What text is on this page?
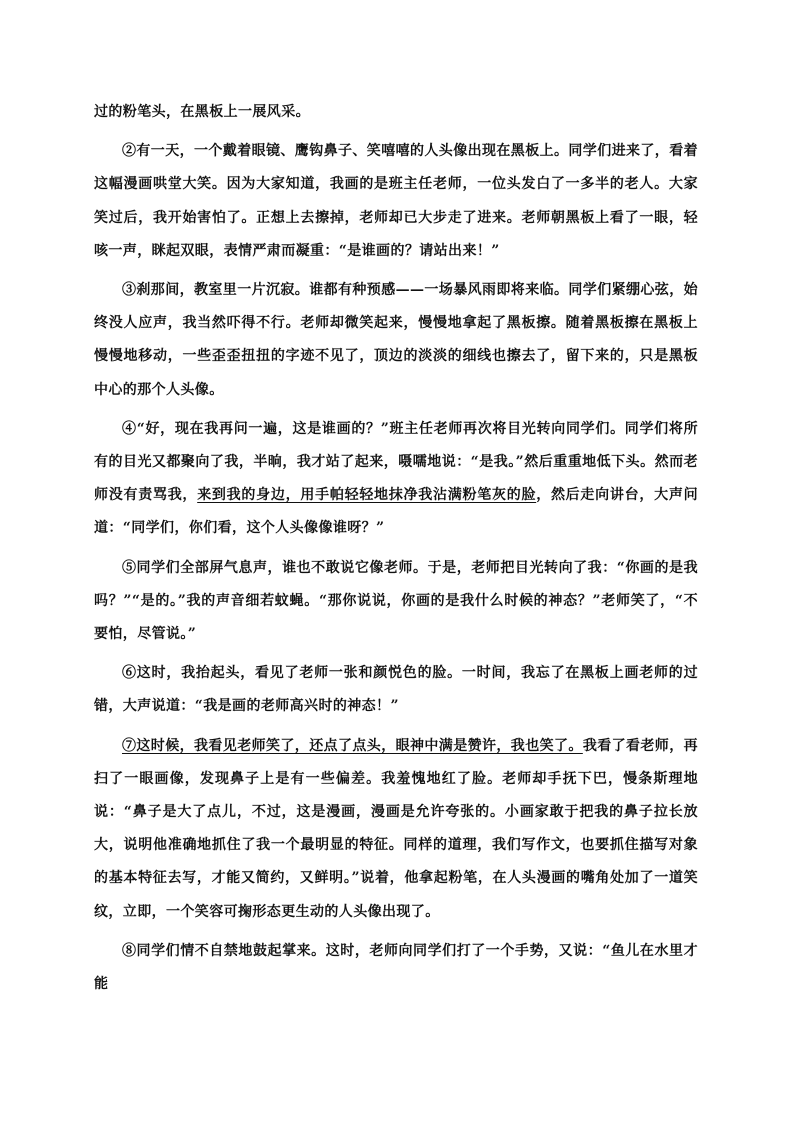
过的粉笔头，在黑板上一展风采。

②有一天，一个戴着眼镜、鹰钩鼻子、笑嘻嘻的人头像出现在黑板上。同学们进来了，看着这幅漫画哄堂大笑。因为大家知道，我画的是班主任老师，一位头发白了一多半的老人。大家笑过后，我开始害怕了。正想上去擦掉，老师却已大步走了进来。老师朝黑板上看了一眼，轻咳一声，眯起双眼，表情严肃而凝重：“是谁画的？请站出来！”

③刹那间，教室里一片沉寂。谁都有种预感——一场暴风雨即将来临。同学们紧绷心弦，始终没人应声，我当然吓得不行。老师却微笑起来，慢慢地拿起了黑板擦。随着黑板擦在黑板上慢慢地移动，一些歪歪扭扭的字迹不见了，顶边的淡淡的细线也擦去了，留下来的，只是黑板中心的那个人头像。

④“好，现在我再问一遍，这是谁画的？”班主任老师再次将目光转向同学们。同学们将所有的目光又都聚向了我，半晌，我才站了起来，嗫嚅地说：“是我。”然后重重地低下头。然而老师没有责骂我，来到我的身边，用手帕轻轻地抹净我沾满粉笔灰的脸，然后走向讲台，大声问道：“同学们，你们看，这个人头像像谁呀？”

⑤同学们全部屏气息声，谁也不敢说它像老师。于是，老师把目光转向了我：“你画的是我吗？”“是的。”我的声音细若蚊蝇。“那你说说，你画的是我什么时候的神态？”老师笑了，“不要怕，尽管说。”

⑥这时，我抬起头，看见了老师一张和颜悦色的脸。一时间，我忘了在黑板上画老师的过错，大声说道：“我是画的老师高兴时的神态！”

⑦这时候，我看见老师笑了，还点了点头，眼神中满是赞许，我也笑了。我看了看老师，再扫了一眼画像，发现鼻子上是有一些偏差。我羞愧地红了脸。老师却手抚下巴，慢条斯理地说：“鼻子是大了点儿，不过，这是漫画，漫画是允许夸张的。小画家敢于把我的鼻子拉长放大，说明他准确地抓住了我一个最明显的特征。同样的道理，我们写作文，也要抓住描写对象的基本特征去写，才能又简约，又鲜明。”说着，他拿起粉笔，在人头漫画的嘴角处加了一道笑纹，立即，一个笑容可掬形态更生动的人头像出现了。

⑧同学们情不自禁地鼓起掌来。这时，老师向同学们打了一个手势，又说：“鱼儿在水里才能
